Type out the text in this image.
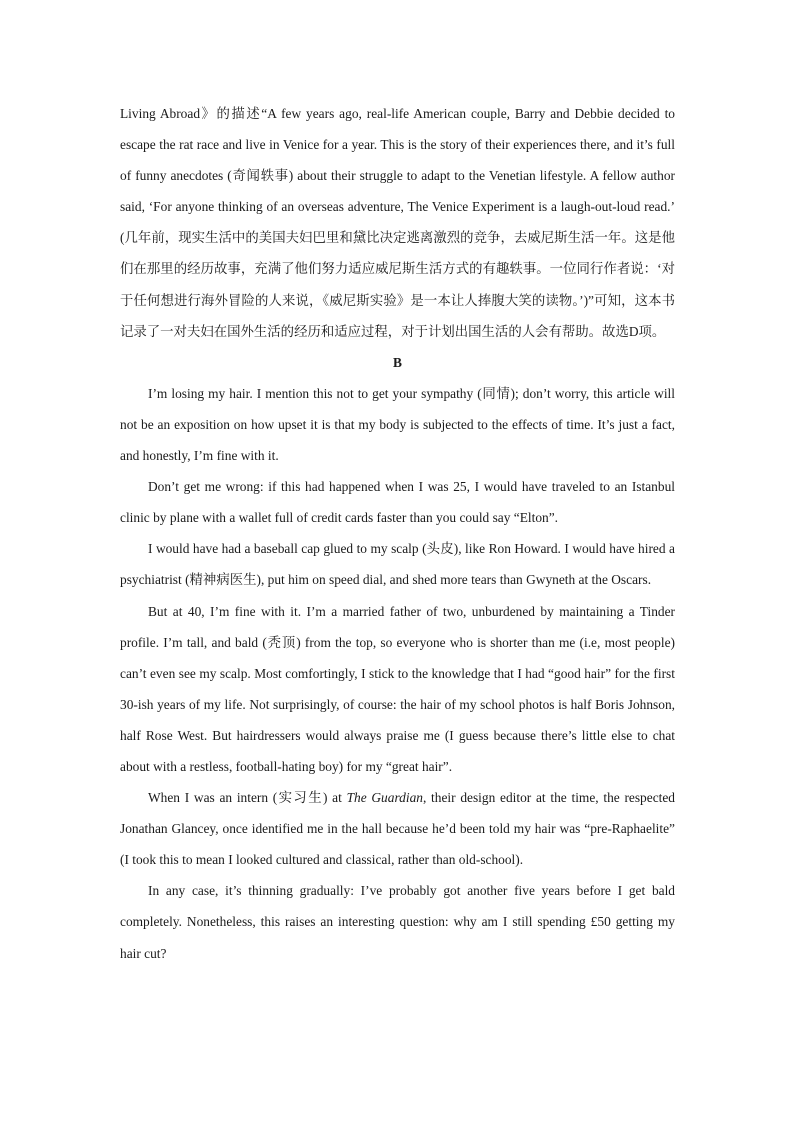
Living Abroad》的描述“A few years ago, real-life American couple, Barry and Debbie decided to escape the rat race and live in Venice for a year. This is the story of their experiences there, and it’s full of funny anecdotes (奇闻轶事) about their struggle to adapt to the Venetian lifestyle. A fellow author said, ‘For anyone thinking of an overseas adventure, The Venice Experiment is a laugh-out-loud read.’ (几年前，现实生活中的美国夫妇巴里和黛比决定逃离激烈的竞争，去威尼斯生活一年。这是他们在那里的经历故事，充满了他们努力适应威尼斯生活方式的有趣轶事。一位同行作者说：‘对于任何想进行海外冒险的人来说，《威尼斯实验》是一本让人捧腹大笑的读物。’)”可知，这本书记录了一对夫妇在国外生活的经历和适应过程，对于计划出国生活的人会有帮助。故选D项。

B

I’m losing my hair. I mention this not to get your sympathy (同情); don’t worry, this article will not be an exposition on how upset it is that my body is subjected to the effects of time. It’s just a fact, and honestly, I’m fine with it.

Don’t get me wrong: if this had happened when I was 25, I would have traveled to an Istanbul clinic by plane with a wallet full of credit cards faster than you could say “Elton”.

I would have had a baseball cap glued to my scalp (头皮), like Ron Howard. I would have hired a psychiatrist (精神病医生), put him on speed dial, and shed more tears than Gwyneth at the Oscars.

But at 40, I’m fine with it. I’m a married father of two, unburdened by maintaining a Tinder profile. I’m tall, and bald (秃顶) from the top, so everyone who is shorter than me (i.e, most people) can’t even see my scalp. Most comfortingly, I stick to the knowledge that I had “good hair” for the first 30-ish years of my life. Not surprisingly, of course: the hair of my school photos is half Boris Johnson, half Rose West. But hairdressers would always praise me (I guess because there’s little else to chat about with a restless, football-hating boy) for my “great hair”.

When I was an intern (实习生) at The Guardian, their design editor at the time, the respected Jonathan Glancey, once identified me in the hall because he’d been told my hair was “pre-Raphaelite” (I took this to mean I looked cultured and classical, rather than old-school).

In any case, it’s thinning gradually: I’ve probably got another five years before I get bald completely. Nonetheless, this raises an interesting question: why am I still spending £50 getting my hair cut?
